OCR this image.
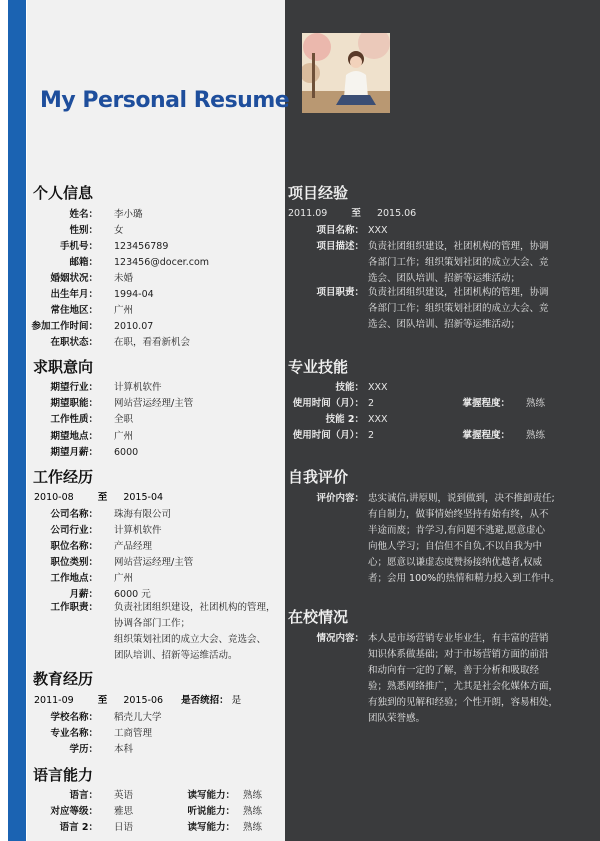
My Personal Resume
个人信息
求职意向
工作经历
2010-08	至 2015-04
教育经历
2011-09	至 2015-06 是否统招： 是
语言能力
项目经验
2011.09	至 2015.06
专业技能
自我评价
在校情况
姓名： 李小璐
性别： 女
手机号： 123456789
邮箱： 123456@docer.com
婚姻状况： 未婚
出生年月： 1994-04
常住地区： 广州
参加工作时间： 2010.07
在职状态： 在职，看看新机会
期望行业： 计算机软件
期望职能： 网站营运经理/主管
工作性质： 全职
期望地点： 广州
期望月薪： 6000
公司名称： 珠海有限公司
公司行业： 计算机软件
职位名称： 产品经理
职位类别： 网站营运经理/主管
工作地点： 广州
月薪： 6000 元
工作职责： 负责社团组织建设，社团机构的管理，
协调各部门工作；
组织策划社团的成立大会、竞选会、
团队培训、招新等运维活动。
学校名称： 稻壳儿大学
专业名称： 工商管理
学历： 本科
语言： 英语	读写能力： 熟练
对应等级： 雅思	听说能力： 熟练
语言 2： 日语	读写能力： 熟练
项目名称： XXX
项目描述： 负责社团组织建设，社团机构的管理，协调
各部门工作；组织策划社团的成立大会、竞
选会、团队培训、招新等运维活动；
项目职责： 负责社团组织建设，社团机构的管理，协调
各部门工作；组织策划社团的成立大会、竞
选会、团队培训、招新等运维活动；
技能： XXX
使用时间（月）： 2	掌握程度： 熟练
技能 2： XXX
使用时间（月）： 2	掌握程度： 熟练
评价内容： 忠实诚信,讲原则，说到做到，决不推卸责任;
有自制力，做事情始终坚持有始有终，从不
半途而废；肯学习,有问题不逃避,愿意虚心
向他人学习；自信但不自负,不以自我为中
心；愿意以谦虚态度赞扬接纳优越者,权威
者；会用 100%的热情和精力投入到工作中。
情况内容： 本人是市场营销专业毕业生，有丰富的营销
知识体系做基础；对于市场营销方面的前沿
和动向有一定的了解，善于分析和吸取经
验；熟悉网络推广，尤其是社会化媒体方面，
有独到的见解和经验；个性开朗，容易相处，
团队荣誉感。
